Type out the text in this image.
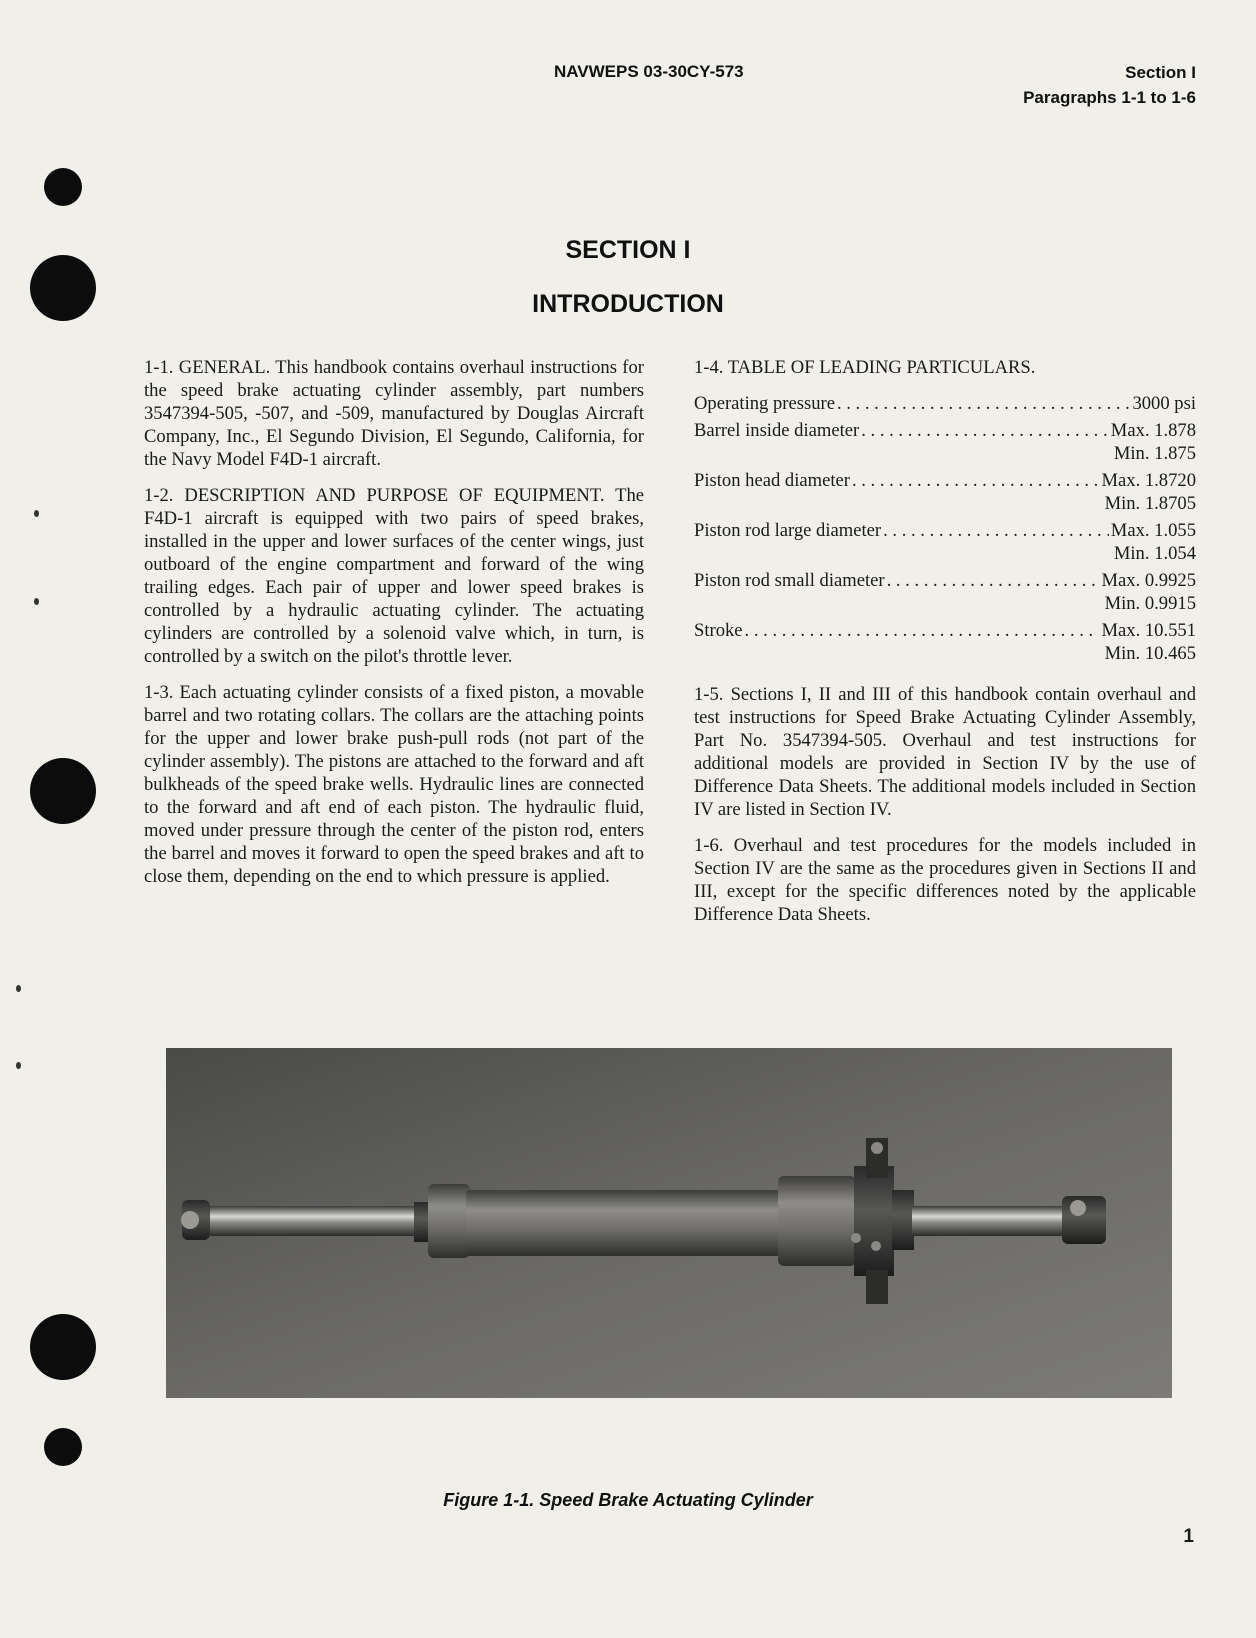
NAVWEPS 03-30CY-573	Section I
Paragraphs 1-1 to 1-6
SECTION I
INTRODUCTION

1-1. GENERAL. This handbook contains overhaul instructions for the speed brake actuating cylinder assembly, part numbers 3547394-505, -507, and -509, manufactured by Douglas Aircraft Company, Inc., El Segundo Division, El Segundo, California, for the Navy Model F4D-1 aircraft.

1-2. DESCRIPTION AND PURPOSE OF EQUIPMENT. The F4D-1 aircraft is equipped with two pairs of speed brakes, installed in the upper and lower surfaces of the center wings, just outboard of the engine compartment and forward of the wing trailing edges. Each pair of upper and lower speed brakes is controlled by a hydraulic actuating cylinder. The actuating cylinders are controlled by a solenoid valve which, in turn, is controlled by a switch on the pilot's throttle lever.

1-3. Each actuating cylinder consists of a fixed piston, a movable barrel and two rotating collars. The collars are the attaching points for the upper and lower brake push-pull rods (not part of the cylinder assembly). The pistons are attached to the forward and aft bulkheads of the speed brake wells. Hydraulic lines are connected to the forward and aft end of each piston. The hydraulic fluid, moved under pressure through the center of the piston rod, enters the barrel and moves it forward to open the speed brakes and aft to close them, depending on the end to which pressure is applied.

1-4. TABLE OF LEADING PARTICULARS.

Operating pressure . . .	3000 psi
Barrel inside diameter . . .	Max. 1.878
Min. 1.875
Piston head diameter . . .	Max. 1.8720
Min. 1.8705
Piston rod large diameter . . .	Max. 1.055
Min. 1.054
Piston rod small diameter . . .	Max. 0.9925
Min. 0.9915
Stroke . . .	Max. 10.551
Min. 10.465

1-5. Sections I, II and III of this handbook contain overhaul and test instructions for Speed Brake Actuating Cylinder Assembly, Part No. 3547394-505. Overhaul and test instructions for additional models are provided in Section IV by the use of Difference Data Sheets. The additional models included in Section IV are listed in Section IV.

1-6. Overhaul and test procedures for the models included in Section IV are the same as the procedures given in Sections II and III, except for the specific differences noted by the applicable Difference Data Sheets.

Figure 1-1. Speed Brake Actuating Cylinder
1
